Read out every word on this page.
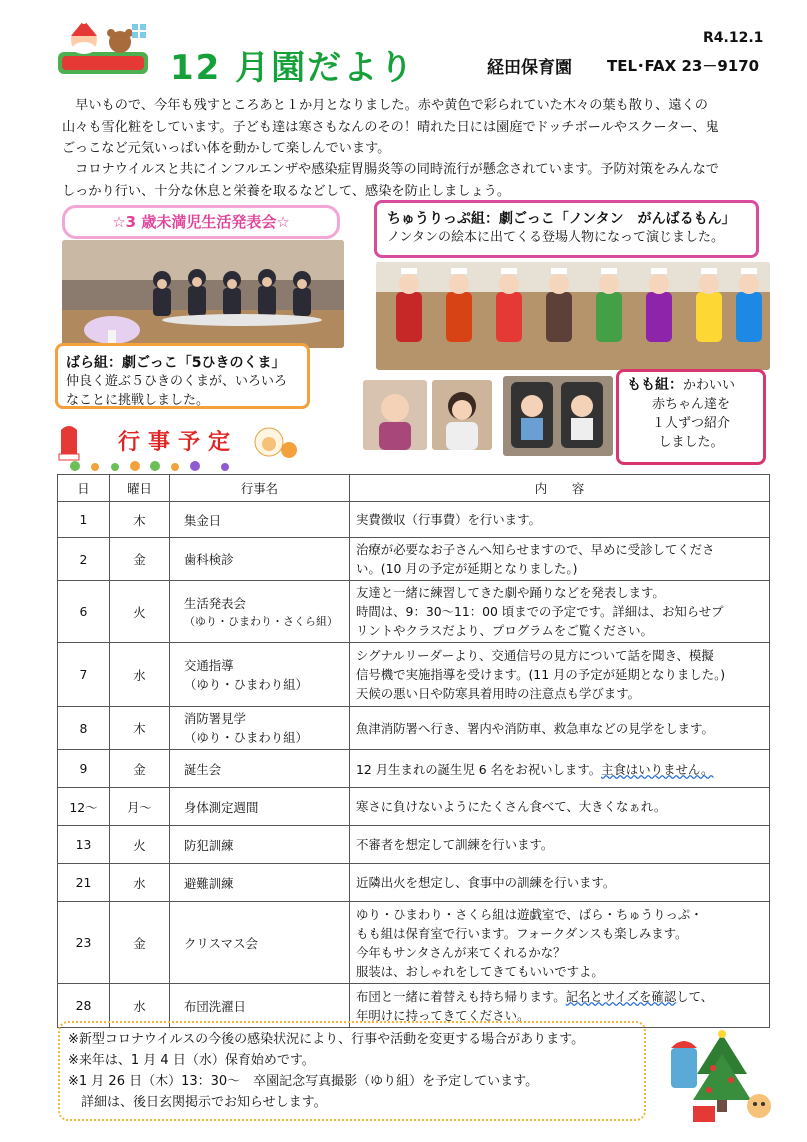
12 月園だより
R4.12.1
経田保育園 TEL･FAX 23－9170
　早いもので、今年も残すところあと１か月となりました。赤や黄色で彩られていた木々の葉も散り、遠くの
山々も雪化粧をしています。子ども達は寒さもなんのその！晴れた日には園庭でドッチボールやスクーター、鬼
ごっこなど元気いっぱい体を動かして楽しんでいます。
　コロナウイルスと共にインフルエンザや感染症胃腸炎等の同時流行が懸念されています。予防対策をみんなで
しっかり行い、十分な休息と栄養を取るなどして、感染を防止しましょう。
☆3 歳未満児生活発表会☆
ばら組：劇ごっこ「5ひきのくま」
仲良く遊ぶ５ひきのくまが、いろいろ
なことに挑戦しました。
ちゅうりっぷ組：劇ごっこ「ノンタン　がんばるもん」
ノンタンの絵本に出てくる登場人物になって演じました。
もも組：かわいい
赤ちゃん達を
１人ずつ紹介
しました。
行事予定
日	曜日	行事名	内　　容
1	木	集金日	実費徴収（行事費）を行います。

2	金	歯科検診	治療が必要なお子さんへ知らせますので、早めに受診してくださ
い。(10 月の予定が延期となりました。)

6	火	生活発表会
（ゆり・ひまわり・さくら組）	友達と一緒に練習してきた劇や踊りなどを発表します。
時間は、9：30～11：00 頃までの予定です。詳細は、お知らせプ
リントやクラスだより、プログラムをご覧ください。

7	水	交通指導
（ゆり・ひまわり組）	シグナルリーダーより、交通信号の見方について話を聞き、模擬
信号機で実施指導を受けます。(11 月の予定が延期となりました。)
天候の悪い日や防寒具着用時の注意点も学びます。

8	木	消防署見学
（ゆり・ひまわり組）	魚津消防署へ行き、署内や消防車、救急車などの見学をします。

9	金	誕生会	12 月生まれの誕生児 6 名をお祝いします。主食はいりません。
12～	月～	身体測定週間	寒さに負けないようにたくさん食べて、大きくなぁれ。

13	火	防犯訓練	不審者を想定して訓練を行います。

21	水	避難訓練	近隣出火を想定し、食事中の訓練を行います。

23	金	クリスマス会	ゆり・ひまわり・さくら組は遊戯室で、ばら・ちゅうりっぷ・
もも組は保育室で行います。フォークダンスも楽しみます。
今年もサンタさんが来てくれるかな？
服装は、おしゃれをしてきてもいいですよ。

28	水	布団洗濯日	布団と一緒に着替えも持ち帰ります。記名とサイズを確認して、
年明けに持ってきてください。
※新型コロナウイルスの今後の感染状況により、行事や活動を変更する場合があります。
※来年は、1 月 4 日（水）保育始めです。
※1 月 26 日（木）13：30～　卒園記念写真撮影（ゆり組）を予定しています。
　詳細は、後日玄関掲示でお知らせします。
